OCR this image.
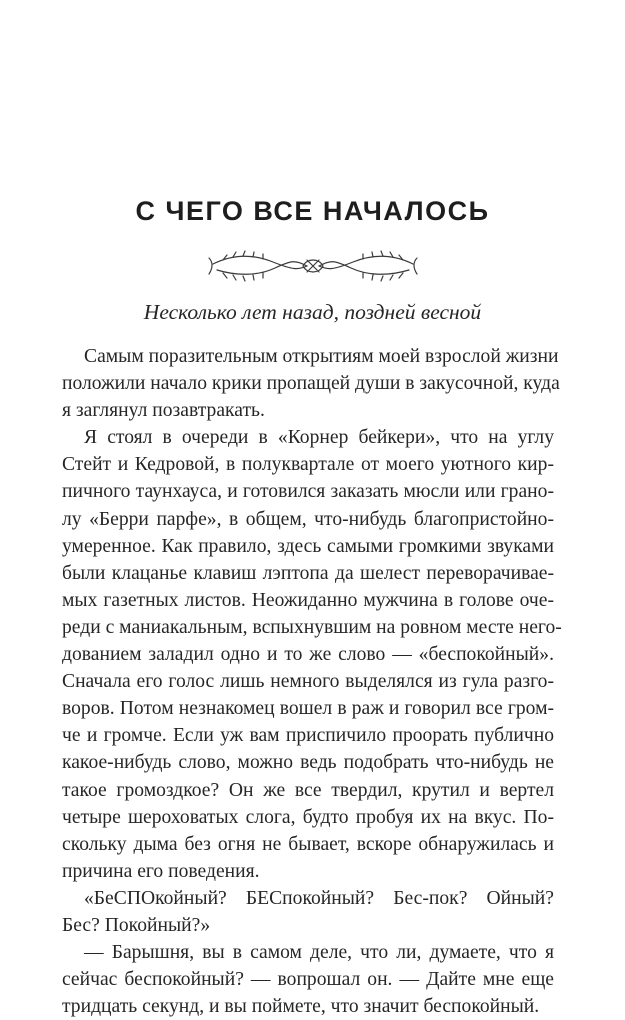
С ЧЕГО ВСЕ НАЧАЛОСЬ

Несколько лет назад, поздней весной

Самым поразительным открытиям моей взрослой жизни
положили начало крики пропащей души в закусочной, куда
я заглянул позавтракать.

Я стоял в очереди в «Корнер бейкери», что на углу
Стейт и Кедровой, в полуквартале от моего уютного кир-
пичного таунхауса, и готовился заказать мюсли или грано-
лу «Берри парфе», в общем, что-нибудь благопристойно-
умеренное. Как правило, здесь самыми громкими звуками
были клацанье клавиш лэптопа да шелест переворачивае-
мых газетных листов. Неожиданно мужчина в голове оче-
реди с маниакальным, вспыхнувшим на ровном месте него-
дованием заладил одно и то же слово — «беспокойный».
Сначала его голос лишь немного выделялся из гула разго-
воров. Потом незнакомец вошел в раж и говорил все гром-
че и громче. Если уж вам приспичило проорать публично
какое-нибудь слово, можно ведь подобрать что-нибудь не
такое громоздкое? Он же все твердил, крутил и вертел
четыре шероховатых слога, будто пробуя их на вкус. По-
скольку дыма без огня не бывает, вскоре обнаружилась и
причина его поведения.

«БеСПОкойный? БЕСпокойный? Бес-пок? Ойный?
Бес? Покойный?»

— Барышня, вы в самом деле, что ли, думаете, что я
сейчас беспокойный? — вопрошал он. — Дайте мне еще
тридцать секунд, и вы поймете, что значит беспокойный.
